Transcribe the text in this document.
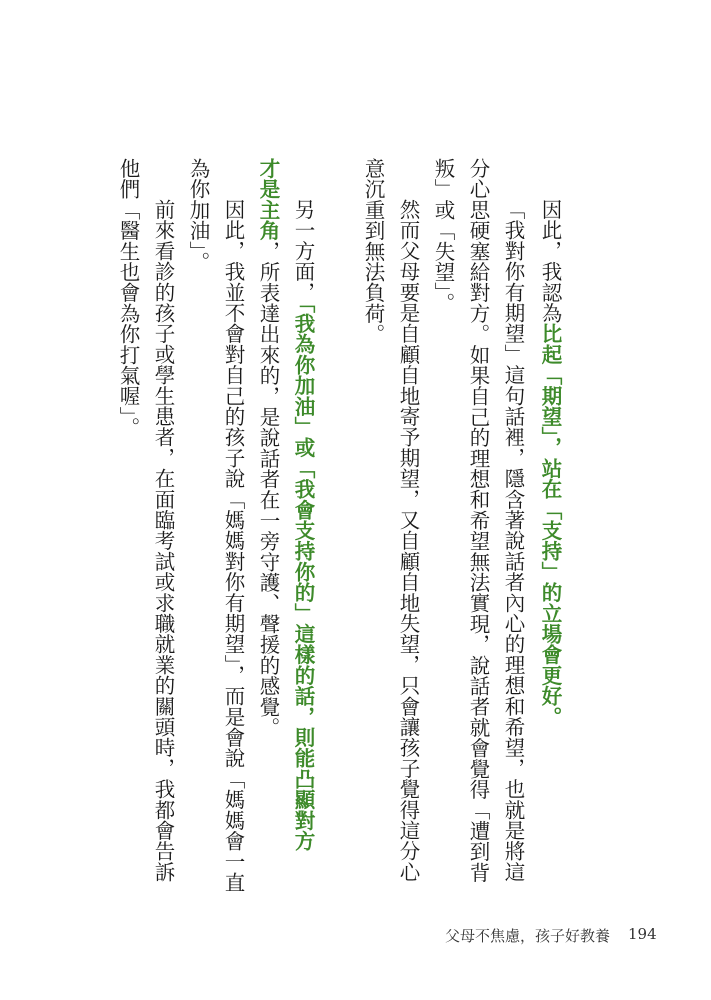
因此，我認為比起「期望」，站在「支持」的立場會更好。
「我對你有期望」這句話裡，隱含著說話者內心的理想和希望，也就是將這
分心思硬塞給對方。如果自己的理想和希望無法實現，說話者就會覺得「遭到背
叛」或「失望」。
然而父母要是自顧自地寄予期望，又自顧自地失望，只會讓孩子覺得這分心
意沉重到無法負荷。
另一方面，「我為你加油」或「我會支持你的」這樣的話，則能凸顯對方
才是主角，所表達出來的，是說話者在一旁守護、聲援的感覺。
因此，我並不會對自己的孩子說「媽媽對你有期望」，而是會說「媽媽會一直
為你加油」。
前來看診的孩子或學生患者，在面臨考試或求職就業的關頭時，我都會告訴
他們「醫生也會為你打氣喔」。
父母不焦慮，孩子好教養 194
